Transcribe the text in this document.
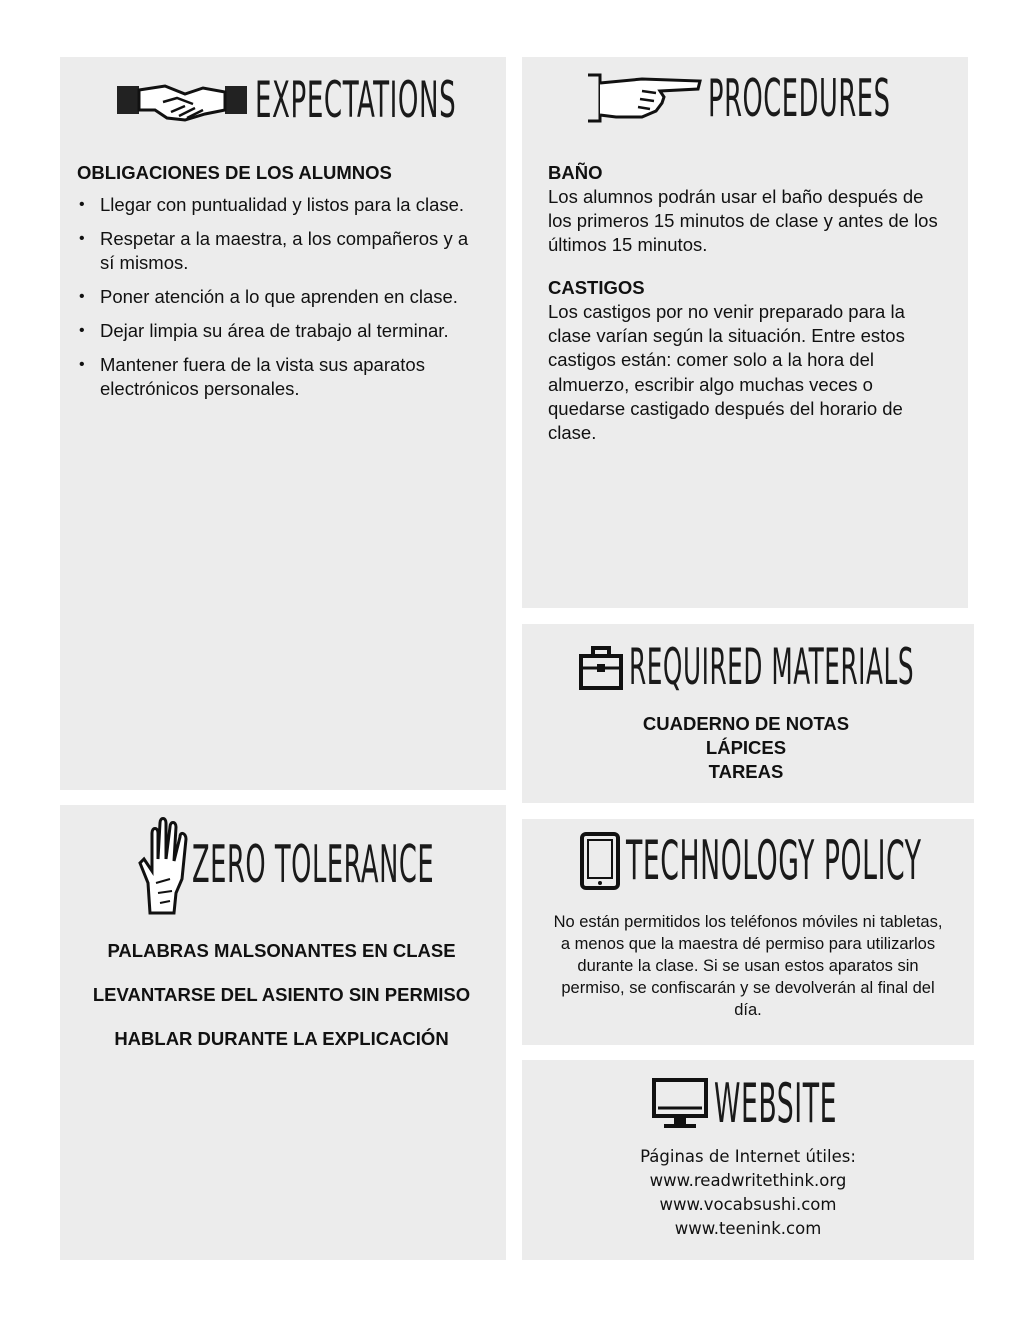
EXPECTATIONS
OBLIGACIONES DE LOS ALUMNOS
• Llegar con puntualidad y listos para la clase.
• Respetar a la maestra, a los compañeros y a sí mismos.
• Poner atención a lo que aprenden en clase.
• Dejar limpia su área de trabajo al terminar.
• Mantener fuera de la vista sus aparatos electrónicos personales.
PROCEDURES
BAÑO
Los alumnos podrán usar el baño después de los primeros 15 minutos de clase y antes de los últimos 15 minutos.
CASTIGOS
Los castigos por no venir preparado para la clase varían según la situación. Entre estos castigos están: comer solo a la hora del almuerzo, escribir algo muchas veces o quedarse castigado después del horario de clase.
REQUIRED MATERIALS
CUADERNO DE NOTAS
LÁPICES
TAREAS
ZERO TOLERANCE
PALABRAS MALSONANTES EN CLASE
LEVANTARSE DEL ASIENTO SIN PERMISO
HABLAR DURANTE LA EXPLICACIÓN
TECHNOLOGY POLICY
No están permitidos los teléfonos móviles ni tabletas, a menos que la maestra dé permiso para utilizarlos durante la clase. Si se usan estos aparatos sin permiso, se confiscarán y se devolverán al final del día.
WEBSITE
Páginas de Internet útiles:
www.readwritethink.org
www.vocabsushi.com
www.teenink.com
